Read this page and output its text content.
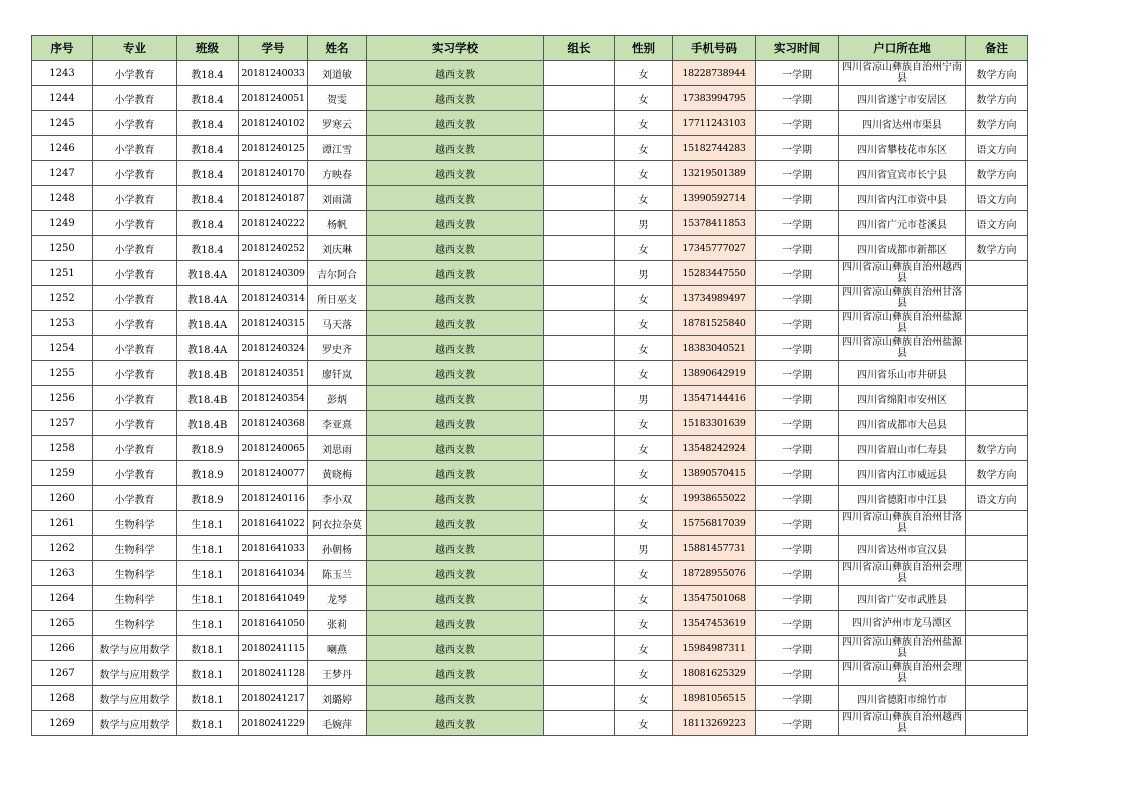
序号	专业	班级	学号	姓名	实习学校	组长	性别	手机号码	实习时间	户口所在地	备注
1243	小学教育	教18.4	20181240033	刘道敏	越西支教		女	18228738944	一学期	四川省凉山彝族自治州宁南县	数学方向
1244	小学教育	教18.4	20181240051	贺雯	越西支教		女	17383994795	一学期	四川省遂宁市安居区	数学方向
1245	小学教育	教18.4	20181240102	罗寒云	越西支教		女	17711243103	一学期	四川省达州市渠县	数学方向
1246	小学教育	教18.4	20181240125	谭江雪	越西支教		女	15182744283	一学期	四川省攀枝花市东区	语文方向
1247	小学教育	教18.4	20181240170	方映春	越西支教		女	13219501389	一学期	四川省宜宾市长宁县	数学方向
1248	小学教育	教18.4	20181240187	刘雨潇	越西支教		女	13990592714	一学期	四川省内江市资中县	语文方向
1249	小学教育	教18.4	20181240222	杨帆	越西支教		男	15378411853	一学期	四川省广元市苍溪县	语文方向
1250	小学教育	教18.4	20181240252	刘庆琳	越西支教		女	17345777027	一学期	四川省成都市新都区	数学方向
1251	小学教育	教18.4A	20181240309	吉尔阿合	越西支教		男	15283447550	一学期	四川省凉山彝族自治州越西县	
1252	小学教育	教18.4A	20181240314	所日巫支	越西支教		女	13734989497	一学期	四川省凉山彝族自治州甘洛县	
1253	小学教育	教18.4A	20181240315	马天落	越西支教		女	18781525840	一学期	四川省凉山彝族自治州盐源县	
1254	小学教育	教18.4A	20181240324	罗史齐	越西支教		女	18383040521	一学期	四川省凉山彝族自治州盐源县	
1255	小学教育	教18.4B	20181240351	廖钎岚	越西支教		女	13890642919	一学期	四川省乐山市井研县	
1256	小学教育	教18.4B	20181240354	彭炳	越西支教		男	13547144416	一学期	四川省绵阳市安州区	
1257	小学教育	教18.4B	20181240368	李亚熹	越西支教		女	15183301639	一学期	四川省成都市大邑县	
1258	小学教育	教18.9	20181240065	刘思雨	越西支教		女	13548242924	一学期	四川省眉山市仁寿县	数学方向
1259	小学教育	教18.9	20181240077	黄晓梅	越西支教		女	13890570415	一学期	四川省内江市威远县	数学方向
1260	小学教育	教18.9	20181240116	李小双	越西支教		女	19938655022	一学期	四川省德阳市中江县	语文方向
1261	生物科学	生18.1	20181641022	阿衣拉杂莫	越西支教		女	15756817039	一学期	四川省凉山彝族自治州甘洛县	
1262	生物科学	生18.1	20181641033	孙朝杨	越西支教		男	15881457731	一学期	四川省达州市宣汉县	
1263	生物科学	生18.1	20181641034	陈玉兰	越西支教		女	18728955076	一学期	四川省凉山彝族自治州会理县	
1264	生物科学	生18.1	20181641049	龙琴	越西支教		女	13547501068	一学期	四川省广安市武胜县	
1265	生物科学	生18.1	20181641050	张莉	越西支教		女	13547453619	一学期	四川省泸州市龙马潭区	
1266	数学与应用数学	数18.1	20180241115	喇燕	越西支教		女	15984987311	一学期	四川省凉山彝族自治州盐源县	
1267	数学与应用数学	数18.1	20180241128	王梦丹	越西支教		女	18081625329	一学期	四川省凉山彝族自治州会理县	
1268	数学与应用数学	数18.1	20180241217	刘璐婷	越西支教		女	18981056515	一学期	四川省德阳市绵竹市	
1269	数学与应用数学	数18.1	20180241229	毛婉萍	越西支教		女	18113269223	一学期	四川省凉山彝族自治州越西县	
